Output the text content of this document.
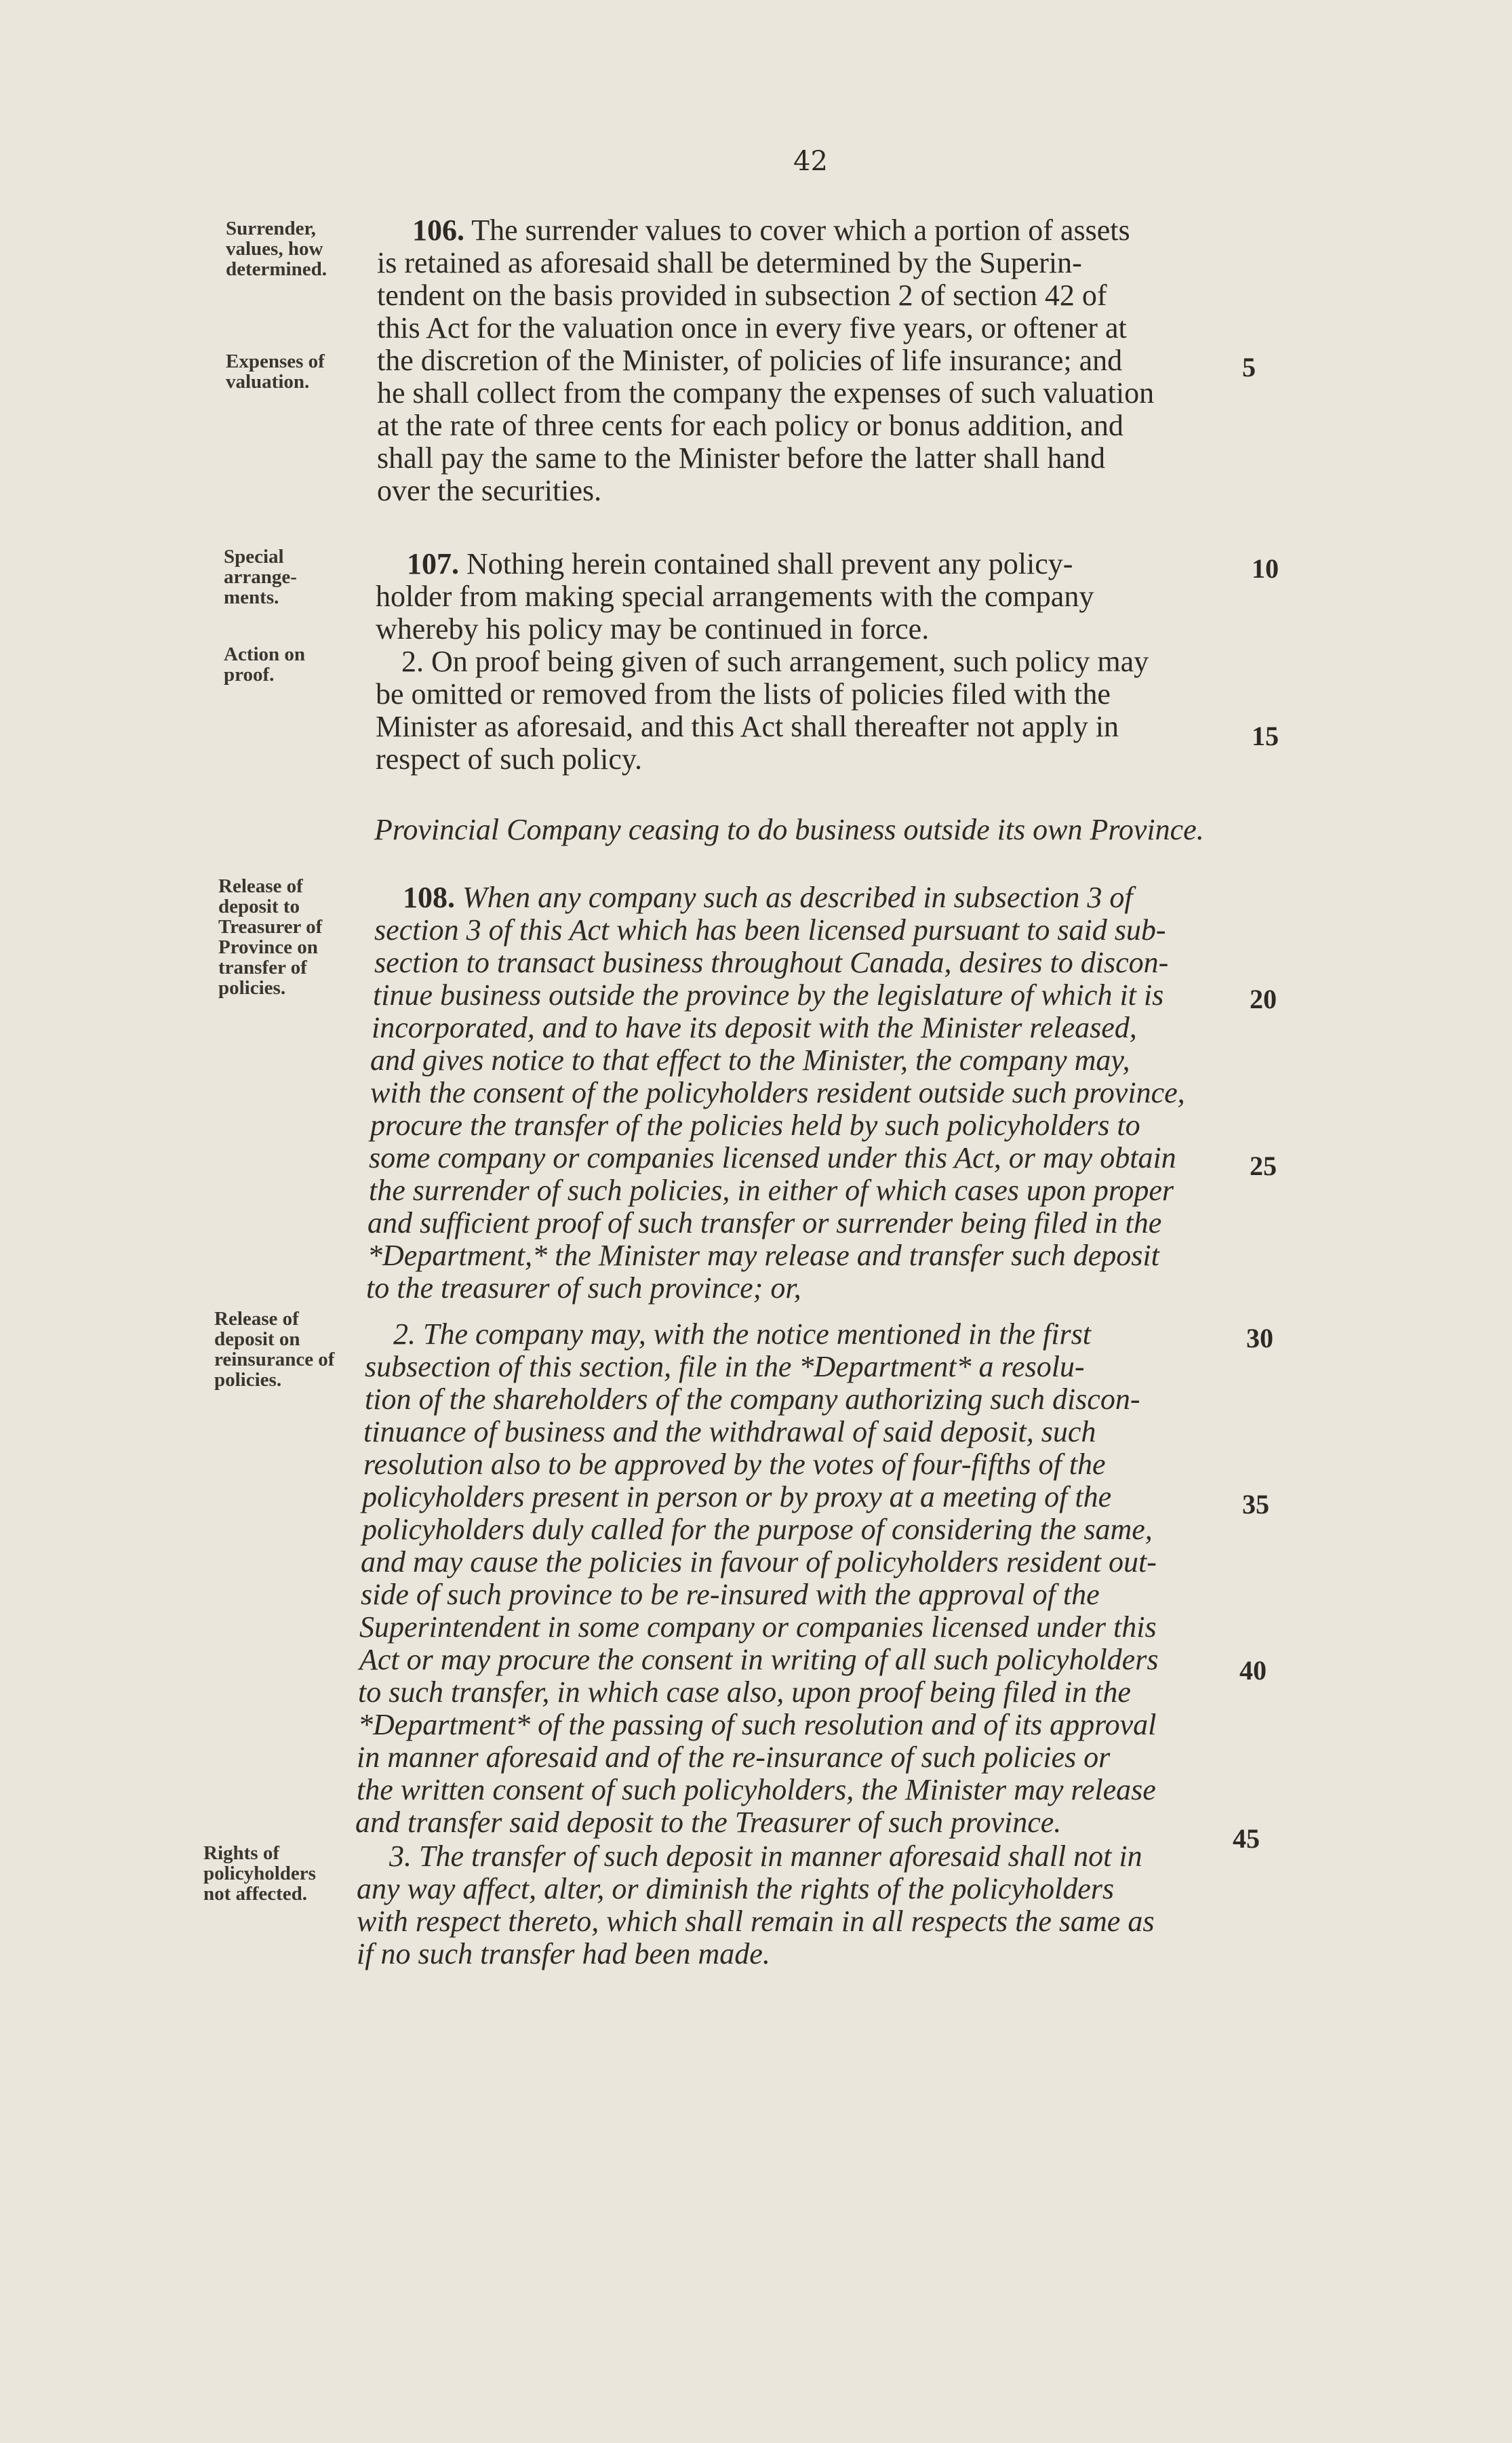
42
Surrender, values, how determined.
Expenses of valuation.
Special arrange- ments.
Action on proof.
Release of deposit to Treasurer of Province on transfer of policies.
Release of deposit on reinsurance of policies.
Rights of policyholders not affected.
5
10
15
20
25
30
35
40
45
106. The surrender values to cover which a portion of assets
is retained as aforesaid shall be determined by the Superin-
tendent on the basis provided in subsection 2 of section 42 of
this Act for the valuation once in every five years, or oftener at
the discretion of the Minister, of policies of life insurance; and
he shall collect from the company the expenses of such valuation
at the rate of three cents for each policy or bonus addition, and
shall pay the same to the Minister before the latter shall hand
over the securities.
107. Nothing herein contained shall prevent any policy-
holder from making special arrangements with the company
whereby his policy may be continued in force.
2. On proof being given of such arrangement, such policy may
be omitted or removed from the lists of policies filed with the
Minister as aforesaid, and this Act shall thereafter not apply in
respect of such policy.
Provincial Company ceasing to do business outside its own Province.
108. When any company such as described in subsection 3 of
section 3 of this Act which has been licensed pursuant to said sub-
section to transact business throughout Canada, desires to discon-
tinue business outside the province by the legislature of which it is
incorporated, and to have its deposit with the Minister released,
and gives notice to that effect to the Minister, the company may,
with the consent of the policyholders resident outside such province,
procure the transfer of the policies held by such policyholders to
some company or companies licensed under this Act, or may obtain
the surrender of such policies, in either of which cases upon proper
and sufficient proof of such transfer or surrender being filed in the
*Department,* the Minister may release and transfer such deposit
to the treasurer of such province; or,
2. The company may, with the notice mentioned in the first
subsection of this section, file in the *Department* a resolu-
tion of the shareholders of the company authorizing such discon-
tinuance of business and the withdrawal of said deposit, such
resolution also to be approved by the votes of four-fifths of the
policyholders present in person or by proxy at a meeting of the
policyholders duly called for the purpose of considering the same,
and may cause the policies in favour of policyholders resident out-
side of such province to be re-insured with the approval of the
Superintendent in some company or companies licensed under this
Act or may procure the consent in writing of all such policyholders
to such transfer, in which case also, upon proof being filed in the
*Department* of the passing of such resolution and of its approval
in manner aforesaid and of the re-insurance of such policies or
the written consent of such policyholders, the Minister may release
and transfer said deposit to the Treasurer of such province.
3. The transfer of such deposit in manner aforesaid shall not in
any way affect, alter, or diminish the rights of the policyholders
with respect thereto, which shall remain in all respects the same as
if no such transfer had been made.
